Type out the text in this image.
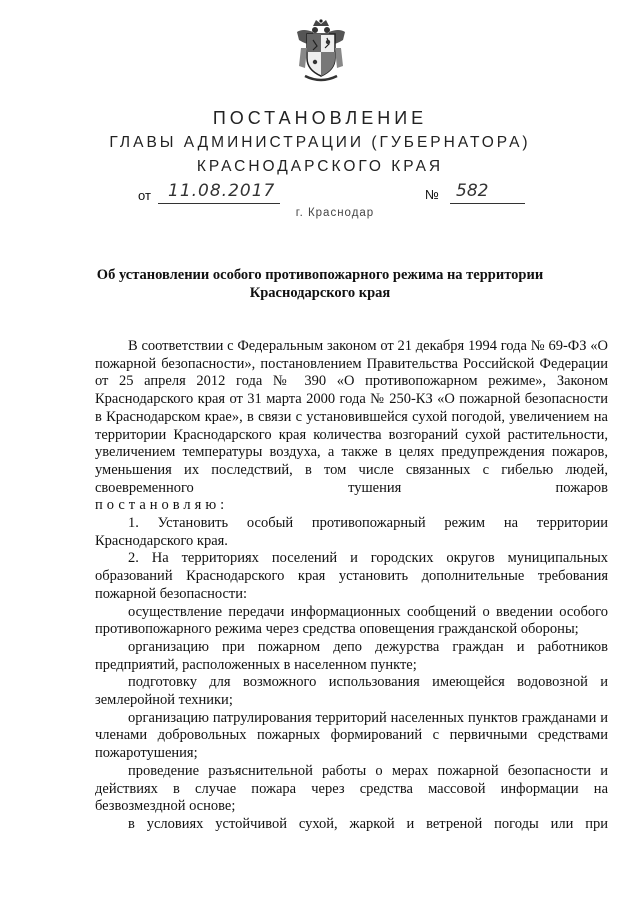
ПОСТАНОВЛЕНИЕ
ГЛАВЫ АДМИНИСТРАЦИИ (ГУБЕРНАТОРА)
КРАСНОДАРСКОГО КРАЯ
от 11.08.2017	№ 582
г. Краснодар
Об установлении особого противопожарного режима на территории Краснодарского края

В соответствии с Федеральным законом от 21 декабря 1994 года № 69-ФЗ «О пожарной безопасности», постановлением Правительства Российской Федерации от 25 апреля 2012 года № 390 «О противопожарном режиме», Законом Краснодарского края от 31 марта 2000 года № 250-КЗ «О пожарной безопасности в Краснодарском крае», в связи с установившейся сухой погодой, увеличением на территории Краснодарского края количества возгораний сухой растительности, увеличением температуры воздуха, а также в целях предупреждения пожаров, уменьшения их последствий, в том числе связанных с гибелью людей, своевременного тушения пожаров

постановляю:

1. Установить особый противопожарный режим на территории Краснодарского края.

2. На территориях поселений и городских округов муниципальных образований Краснодарского края установить дополнительные требования пожарной безопасности:

осуществление передачи информационных сообщений о введении особого противопожарного режима через средства оповещения гражданской обороны;

организацию при пожарном депо дежурства граждан и работников предприятий, расположенных в населенном пункте;

подготовку для возможного использования имеющейся водовозной и землеройной техники;

организацию патрулирования территорий населенных пунктов гражданами и членами добровольных пожарных формирований с первичными средствами пожаротушения;

проведение разъяснительной работы о мерах пожарной безопасности и действиях в случае пожара через средства массовой информации на безвозмездной основе;

в условиях устойчивой сухой, жаркой и ветреной погоды или при
